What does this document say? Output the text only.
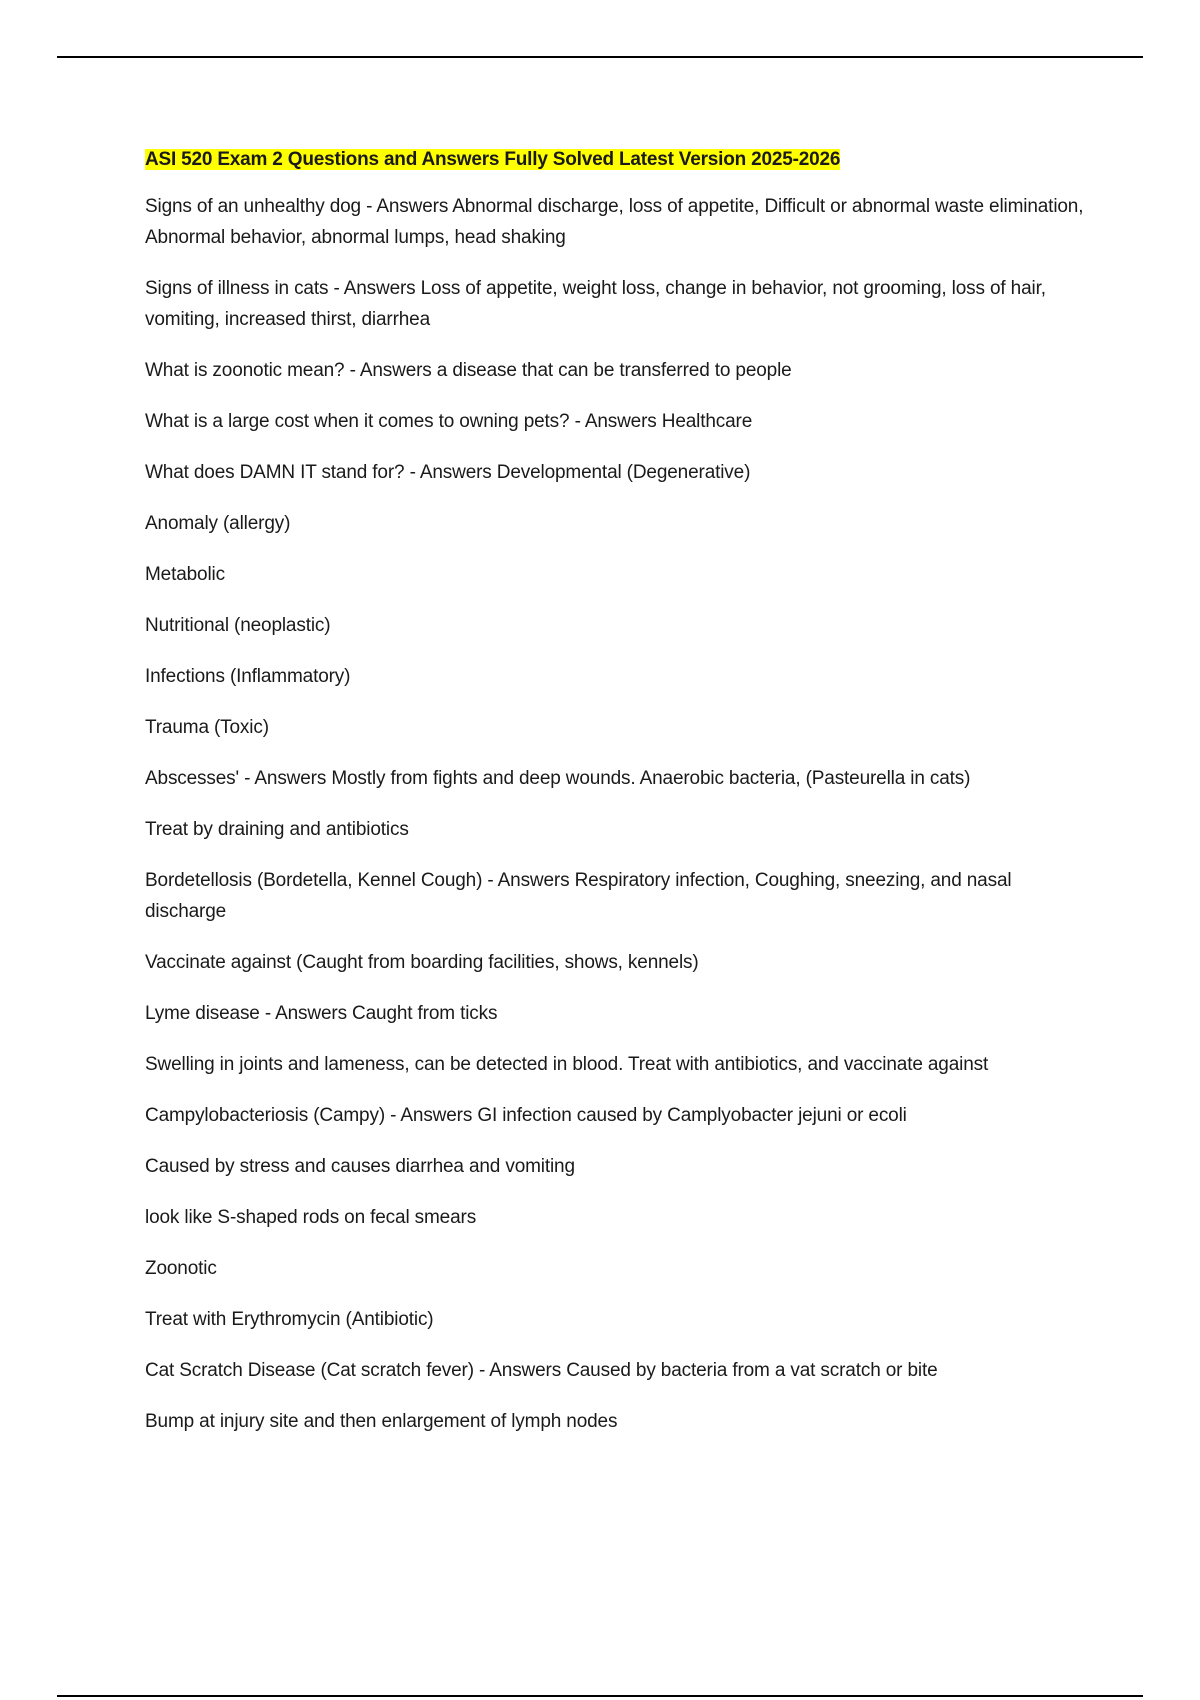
ASI 520 Exam 2 Questions and Answers Fully Solved Latest Version 2025-2026

Signs of an unhealthy dog - Answers Abnormal discharge, loss of appetite, Difficult or abnormal waste elimination, Abnormal behavior, abnormal lumps, head shaking

Signs of illness in cats - Answers Loss of appetite, weight loss, change in behavior, not grooming, loss of hair, vomiting, increased thirst, diarrhea

What is zoonotic mean? - Answers a disease that can be transferred to people

What is a large cost when it comes to owning pets? - Answers Healthcare

What does DAMN IT stand for? - Answers Developmental (Degenerative)

Anomaly (allergy)

Metabolic

Nutritional (neoplastic)

Infections (Inflammatory)

Trauma (Toxic)

Abscesses' - Answers Mostly from fights and deep wounds. Anaerobic bacteria, (Pasteurella in cats)

Treat by draining and antibiotics

Bordetellosis (Bordetella, Kennel Cough) - Answers Respiratory infection, Coughing, sneezing, and nasal discharge

Vaccinate against (Caught from boarding facilities, shows, kennels)

Lyme disease - Answers Caught from ticks

Swelling in joints and lameness, can be detected in blood. Treat with antibiotics, and vaccinate against

Campylobacteriosis (Campy) - Answers GI infection caused by Camplyobacter jejuni or ecoli

Caused by stress and causes diarrhea and vomiting

look like S-shaped rods on fecal smears

Zoonotic

Treat with Erythromycin (Antibiotic)

Cat Scratch Disease (Cat scratch fever) - Answers Caused by bacteria from a vat scratch or bite

Bump at injury site and then enlargement of lymph nodes
